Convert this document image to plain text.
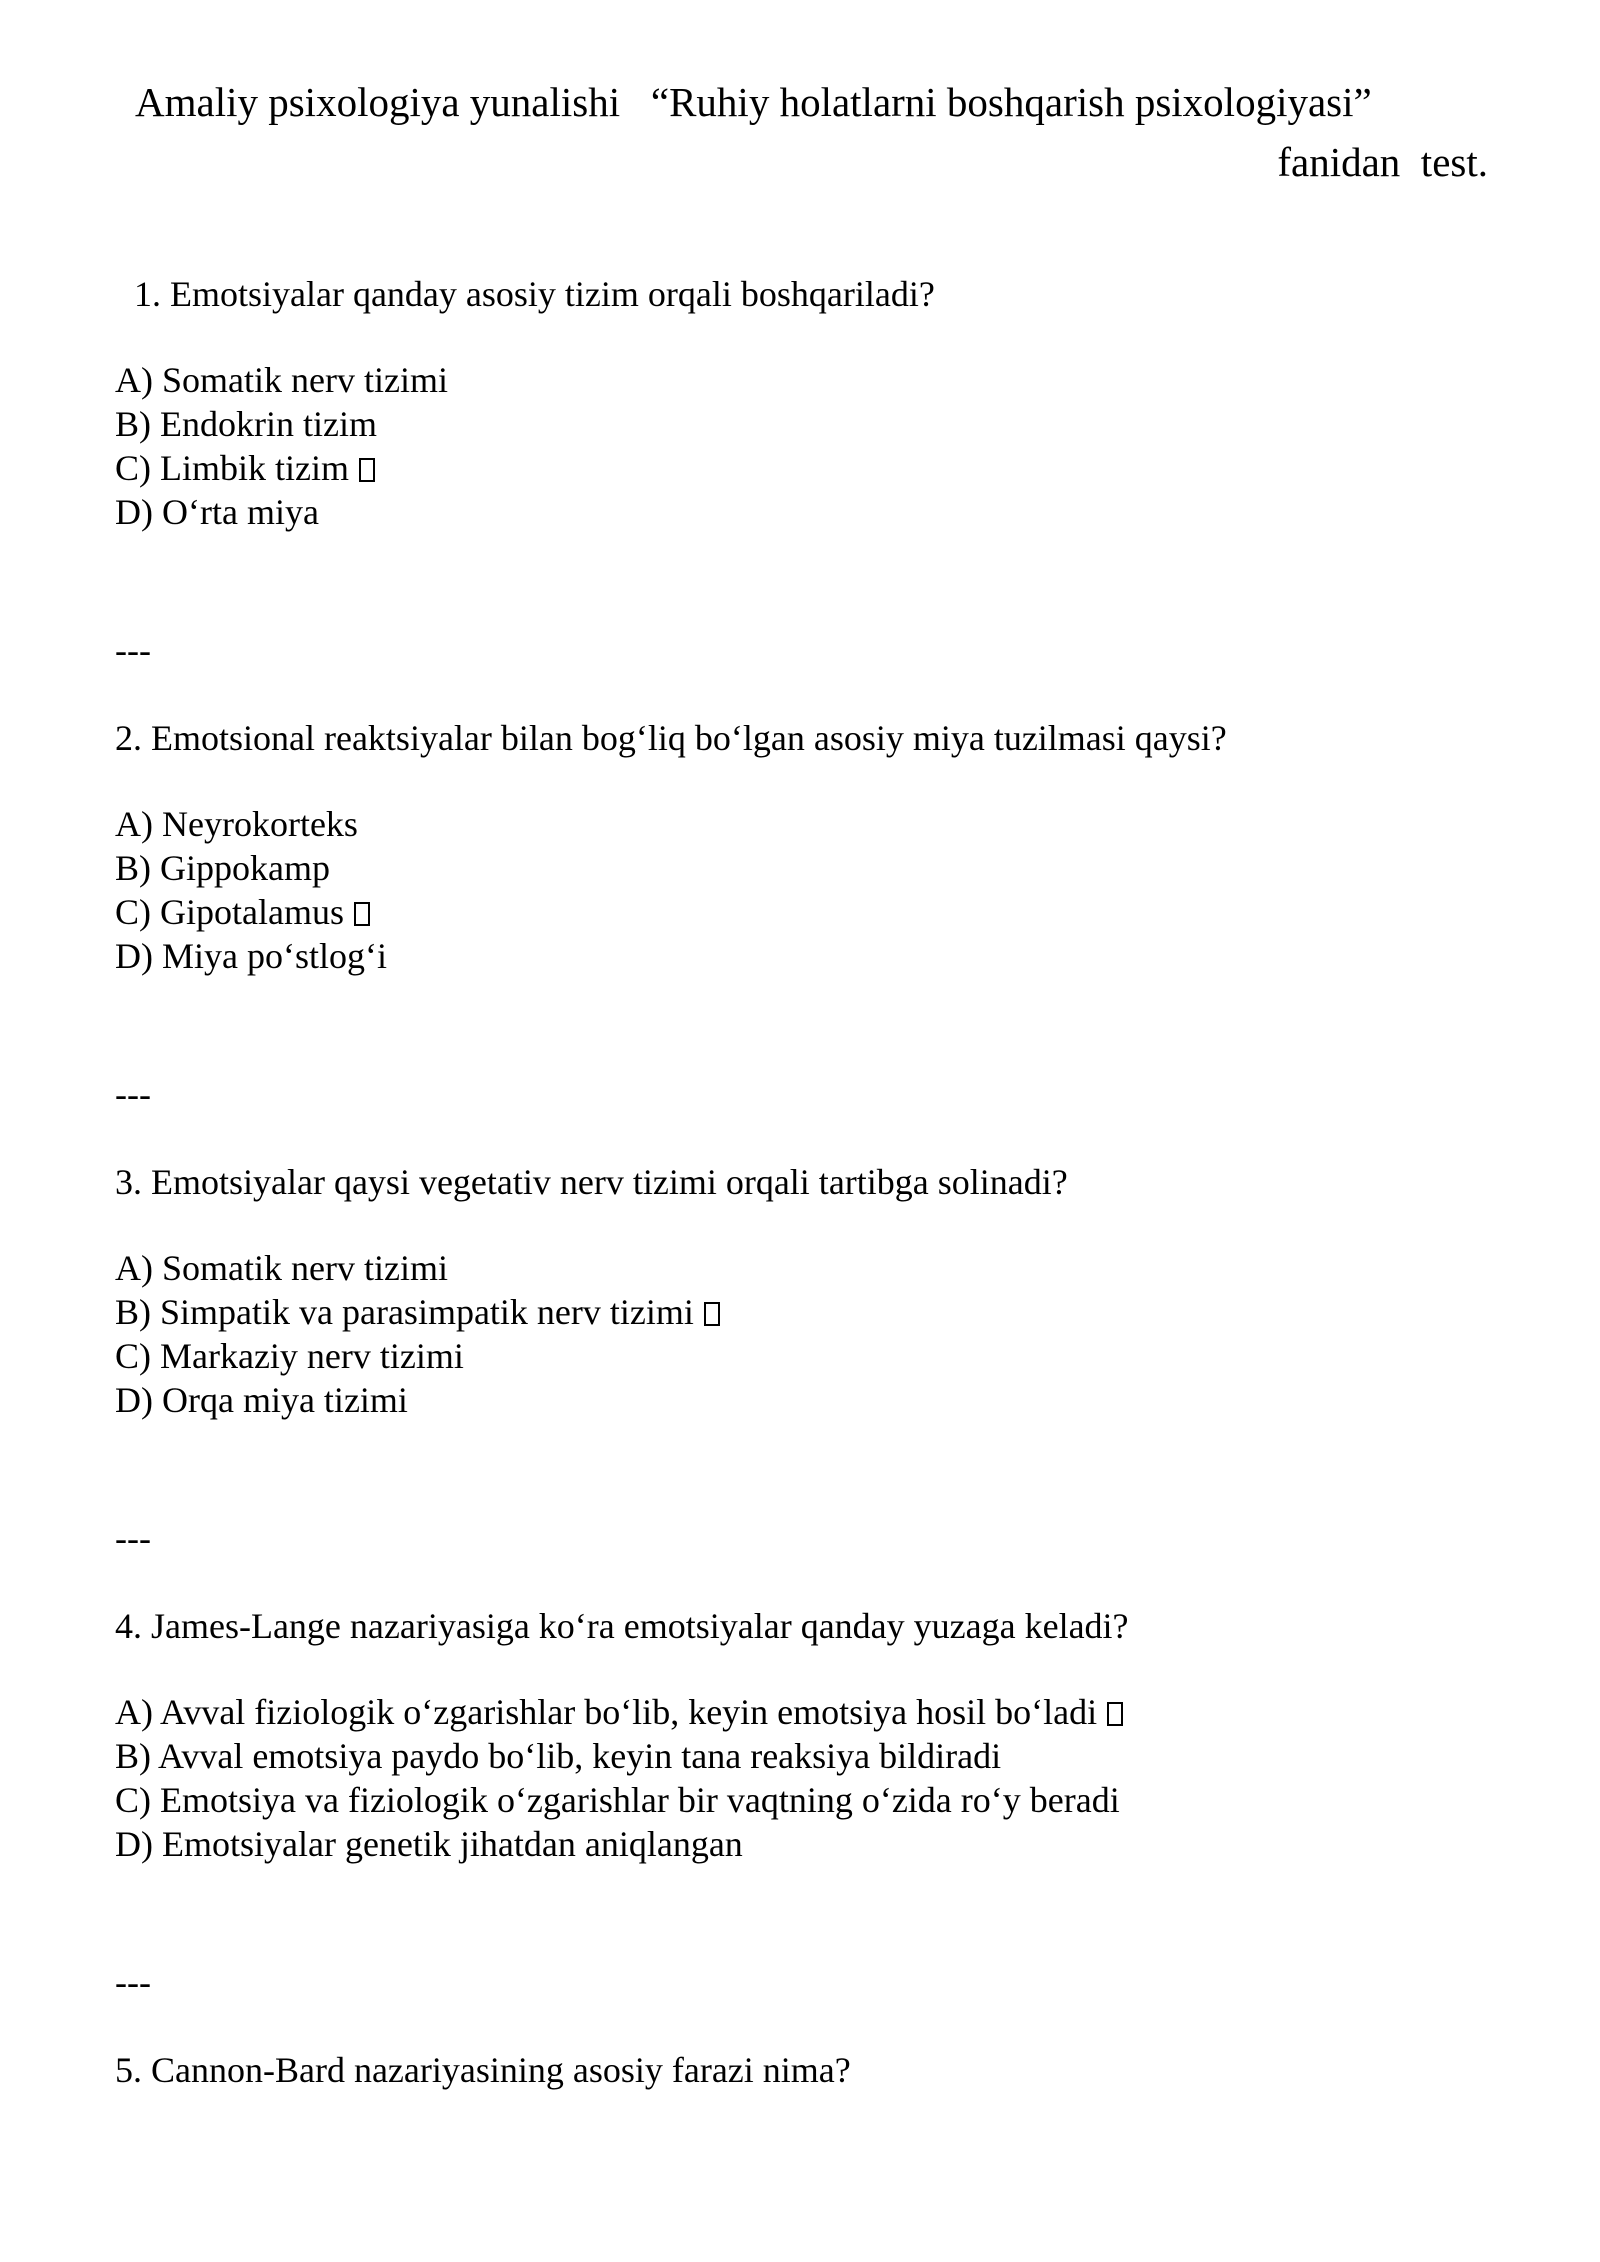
Amaliy psixologiya yunalishi   “Ruhiy holatlarni boshqarish psixologiyasi”
fanidan  test.
1. Emotsiyalar qanday asosiy tizim orqali boshqariladi?
A) Somatik nerv tizimi
B) Endokrin tizim
C) Limbik tizim
D) O‘rta miya
---
2. Emotsional reaktsiyalar bilan bog‘liq bo‘lgan asosiy miya tuzilmasi qaysi?
A) Neyrokorteks
B) Gippokamp
C) Gipotalamus
D) Miya po‘stlog‘i
---
3. Emotsiyalar qaysi vegetativ nerv tizimi orqali tartibga solinadi?
A) Somatik nerv tizimi
B) Simpatik va parasimpatik nerv tizimi
C) Markaziy nerv tizimi
D) Orqa miya tizimi
---
4. James-Lange nazariyasiga ko‘ra emotsiyalar qanday yuzaga keladi?
A) Avval fiziologik o‘zgarishlar bo‘lib, keyin emotsiya hosil bo‘ladi
B) Avval emotsiya paydo bo‘lib, keyin tana reaksiya bildiradi
C) Emotsiya va fiziologik o‘zgarishlar bir vaqtning o‘zida ro‘y beradi
D) Emotsiyalar genetik jihatdan aniqlangan
---
5. Cannon-Bard nazariyasining asosiy farazi nima?
